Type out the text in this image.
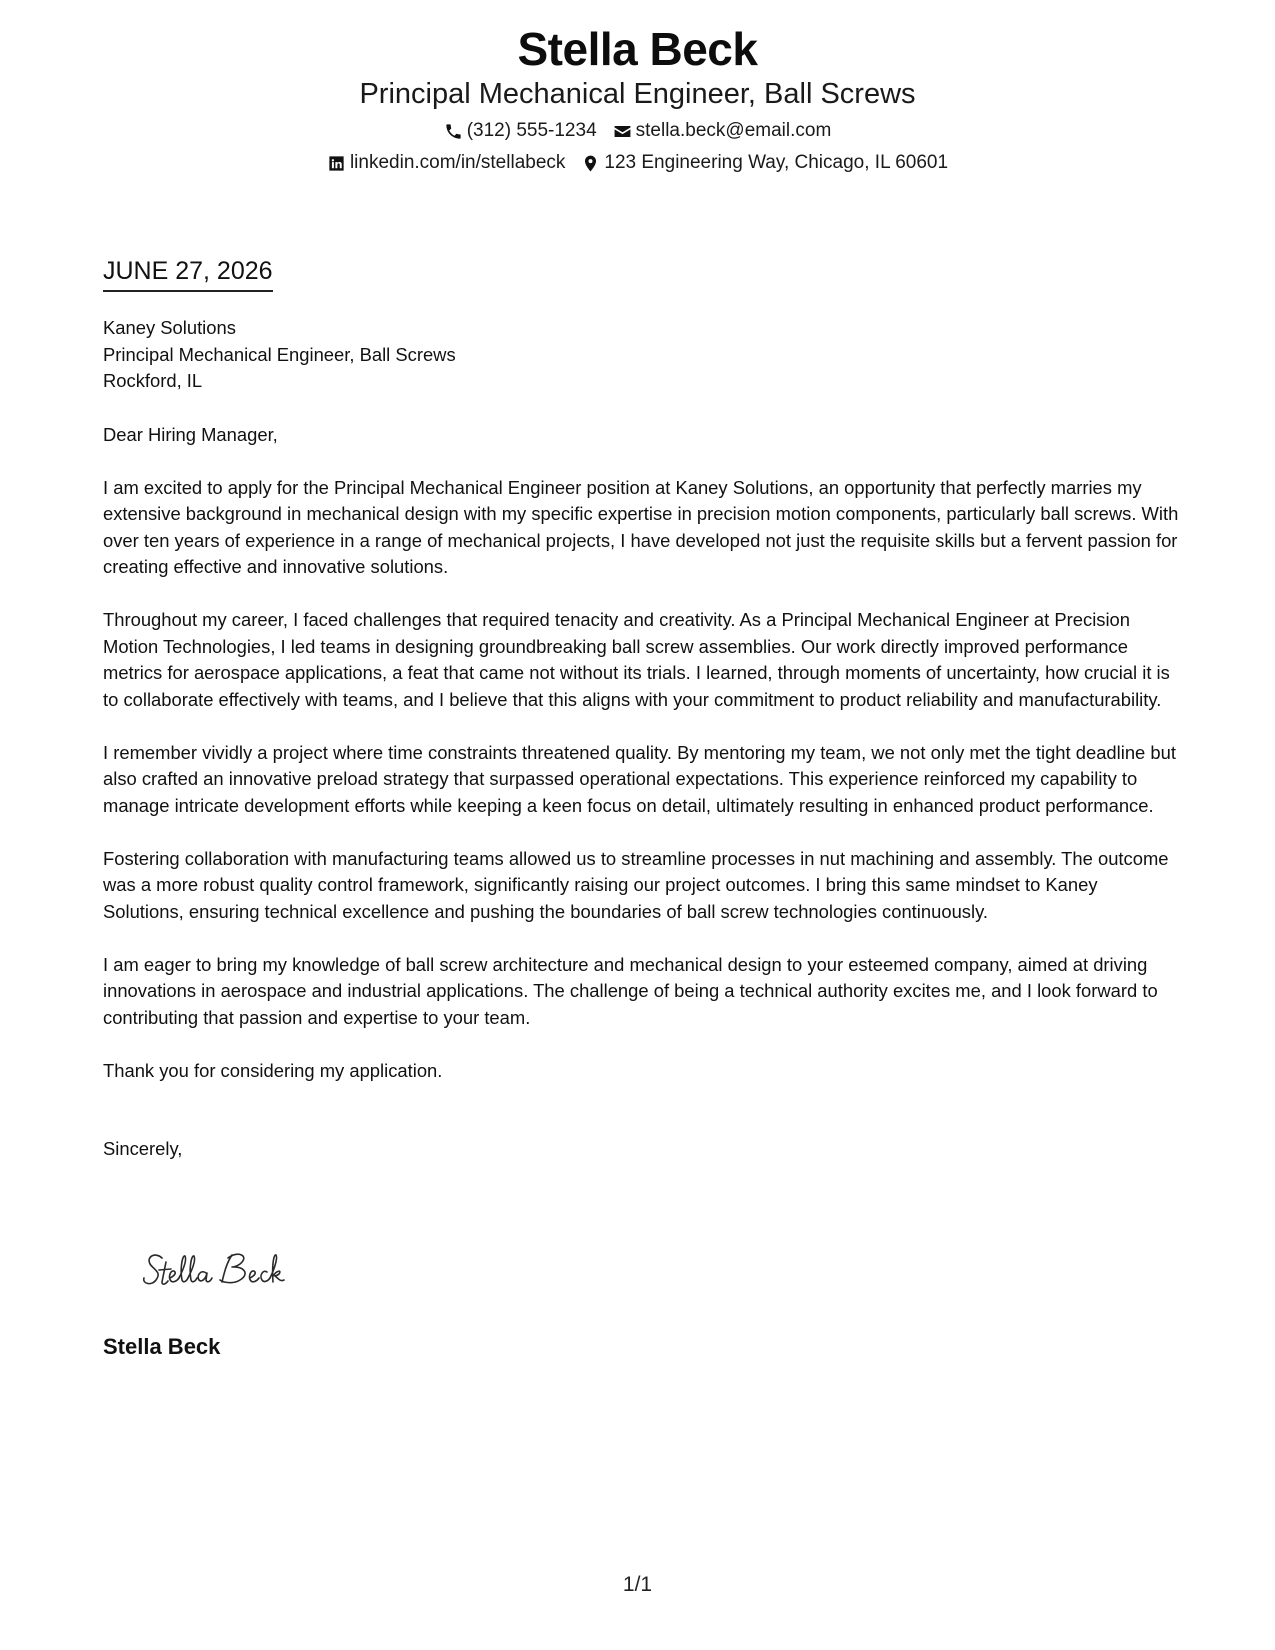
Stella Beck
Principal Mechanical Engineer, Ball Screws
(312) 555-1234 stella.beck@email.com
linkedin.com/in/stellabeck 123 Engineering Way, Chicago, IL 60601
JUNE 27, 2026
Kaney Solutions
Principal Mechanical Engineer, Ball Screws
Rockford, IL

Dear Hiring Manager,

I am excited to apply for the Principal Mechanical Engineer position at Kaney Solutions, an opportunity that perfectly marries my extensive background in mechanical design with my specific expertise in precision motion components, particularly ball screws. With over ten years of experience in a range of mechanical projects, I have developed not just the requisite skills but a fervent passion for creating effective and innovative solutions.

Throughout my career, I faced challenges that required tenacity and creativity. As a Principal Mechanical Engineer at Precision Motion Technologies, I led teams in designing groundbreaking ball screw assemblies. Our work directly improved performance metrics for aerospace applications, a feat that came not without its trials. I learned, through moments of uncertainty, how crucial it is to collaborate effectively with teams, and I believe that this aligns with your commitment to product reliability and manufacturability.

I remember vividly a project where time constraints threatened quality. By mentoring my team, we not only met the tight deadline but also crafted an innovative preload strategy that surpassed operational expectations. This experience reinforced my capability to manage intricate development efforts while keeping a keen focus on detail, ultimately resulting in enhanced product performance.

Fostering collaboration with manufacturing teams allowed us to streamline processes in nut machining and assembly. The outcome was a more robust quality control framework, significantly raising our project outcomes. I bring this same mindset to Kaney Solutions, ensuring technical excellence and pushing the boundaries of ball screw technologies continuously.

I am eager to bring my knowledge of ball screw architecture and mechanical design to your esteemed company, aimed at driving innovations in aerospace and industrial applications. The challenge of being a technical authority excites me, and I look forward to contributing that passion and expertise to your team.

Thank you for considering my application.

Sincerely,

Stella Beck
1/1
